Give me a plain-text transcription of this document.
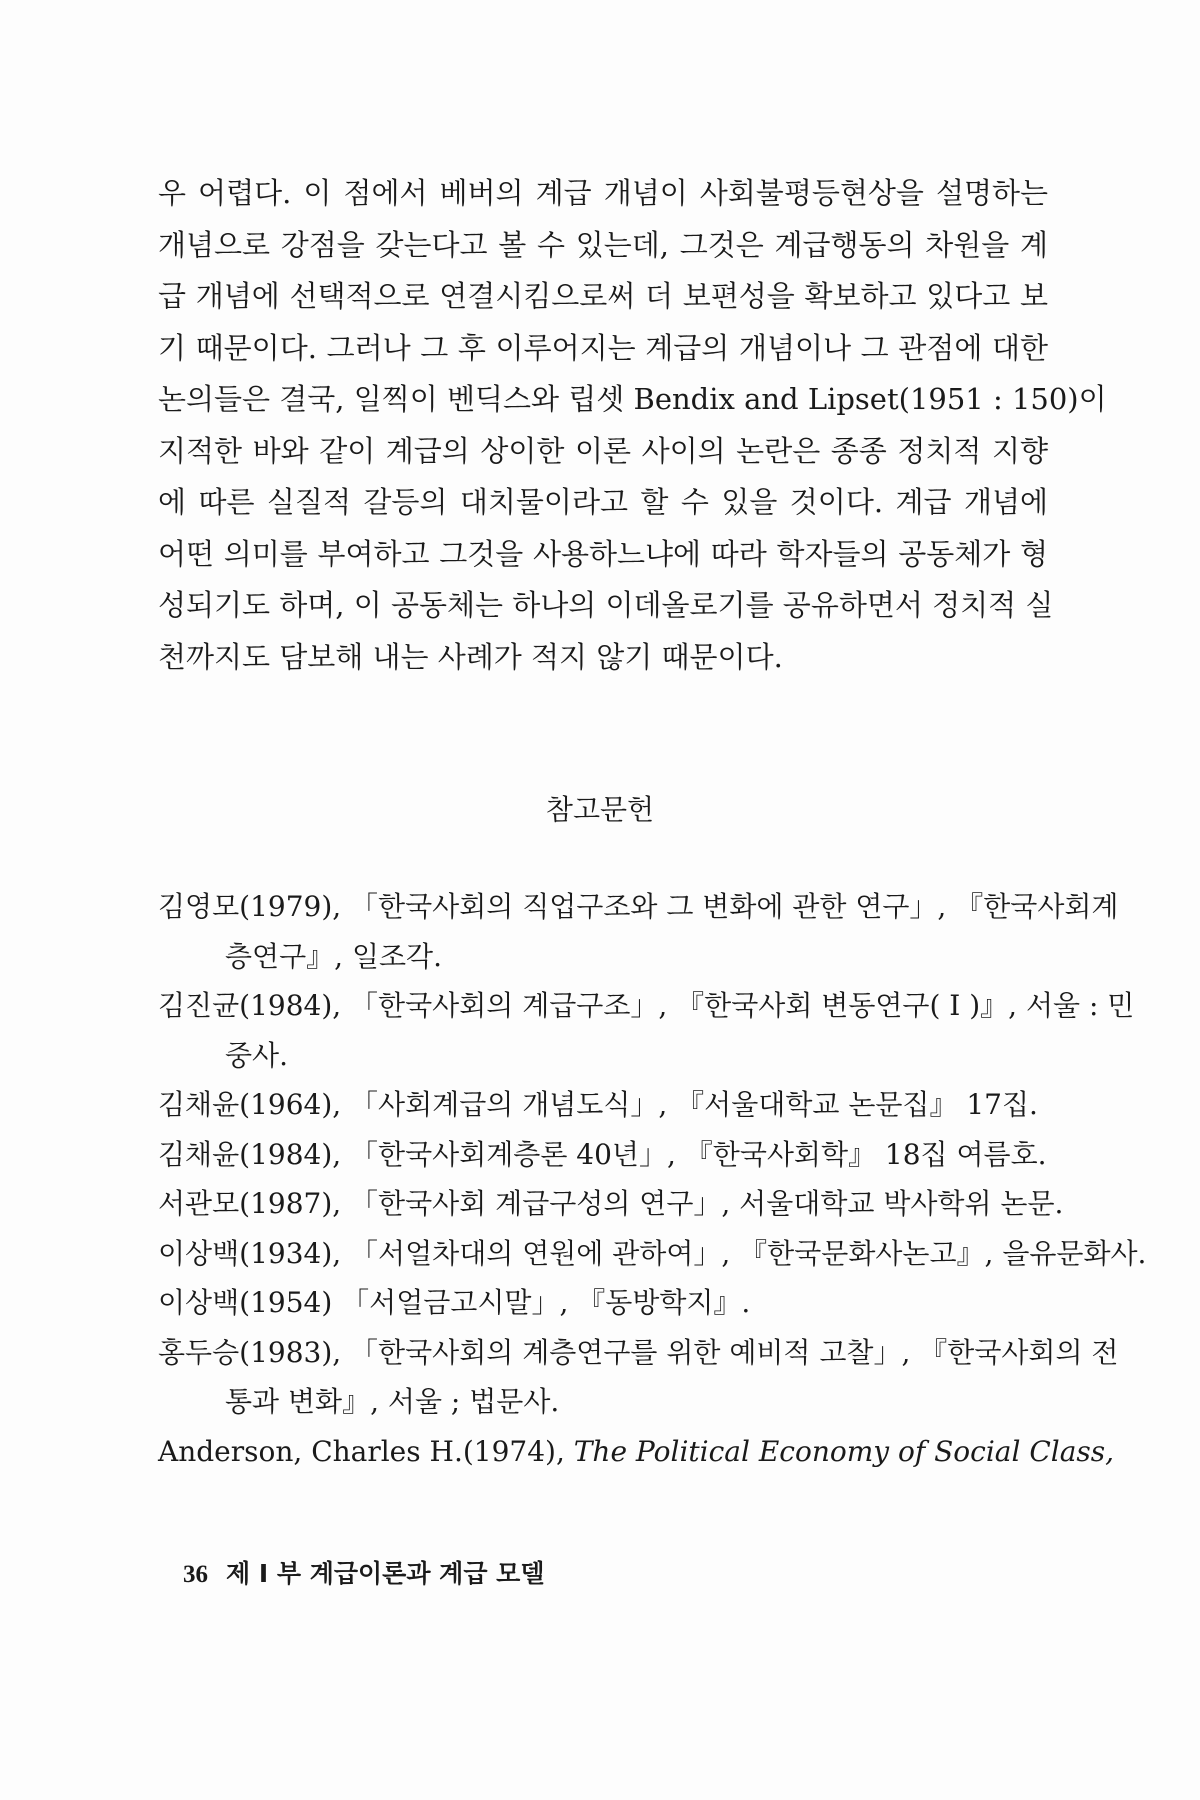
우 어렵다. 이 점에서 베버의 계급 개념이 사회불평등현상을 설명하는
개념으로 강점을 갖는다고 볼 수 있는데, 그것은 계급행동의 차원을 계
급 개념에 선택적으로 연결시킴으로써 더 보편성을 확보하고 있다고 보
기 때문이다. 그러나 그 후 이루어지는 계급의 개념이나 그 관점에 대한
논의들은 결국, 일찍이 벤딕스와 립셋 Bendix and Lipset(1951 : 150)이
지적한 바와 같이 계급의 상이한 이론 사이의 논란은 종종 정치적 지향
에 따른 실질적 갈등의 대치물이라고 할 수 있을 것이다. 계급 개념에
어떤 의미를 부여하고 그것을 사용하느냐에 따라 학자들의 공동체가 형
성되기도 하며, 이 공동체는 하나의 이데올로기를 공유하면서 정치적 실
천까지도 담보해 내는 사례가 적지 않기 때문이다.
참고문헌
김영모(1979), 「한국사회의 직업구조와 그 변화에 관한 연구」, 『한국사회계
층연구』, 일조각.
김진균(1984), 「한국사회의 계급구조」, 『한국사회 변동연구( I )』, 서울 : 민
중사.
김채윤(1964), 「사회계급의 개념도식」, 『서울대학교 논문집』 17집.
김채윤(1984), 「한국사회계층론 40년」, 『한국사회학』 18집 여름호.
서관모(1987), 「한국사회 계급구성의 연구」, 서울대학교 박사학위 논문.
이상백(1934), 「서얼차대의 연원에 관하여」, 『한국문화사논고』, 을유문화사.
이상백(1954) 「서얼금고시말」, 『동방학지』.
홍두승(1983), 「한국사회의 계층연구를 위한 예비적 고찰」, 『한국사회의 전
통과 변화』, 서울 ; 법문사.
Anderson, Charles H.(1974), The Political Economy of Social Class,
36 제 I 부 계급이론과 계급 모델
